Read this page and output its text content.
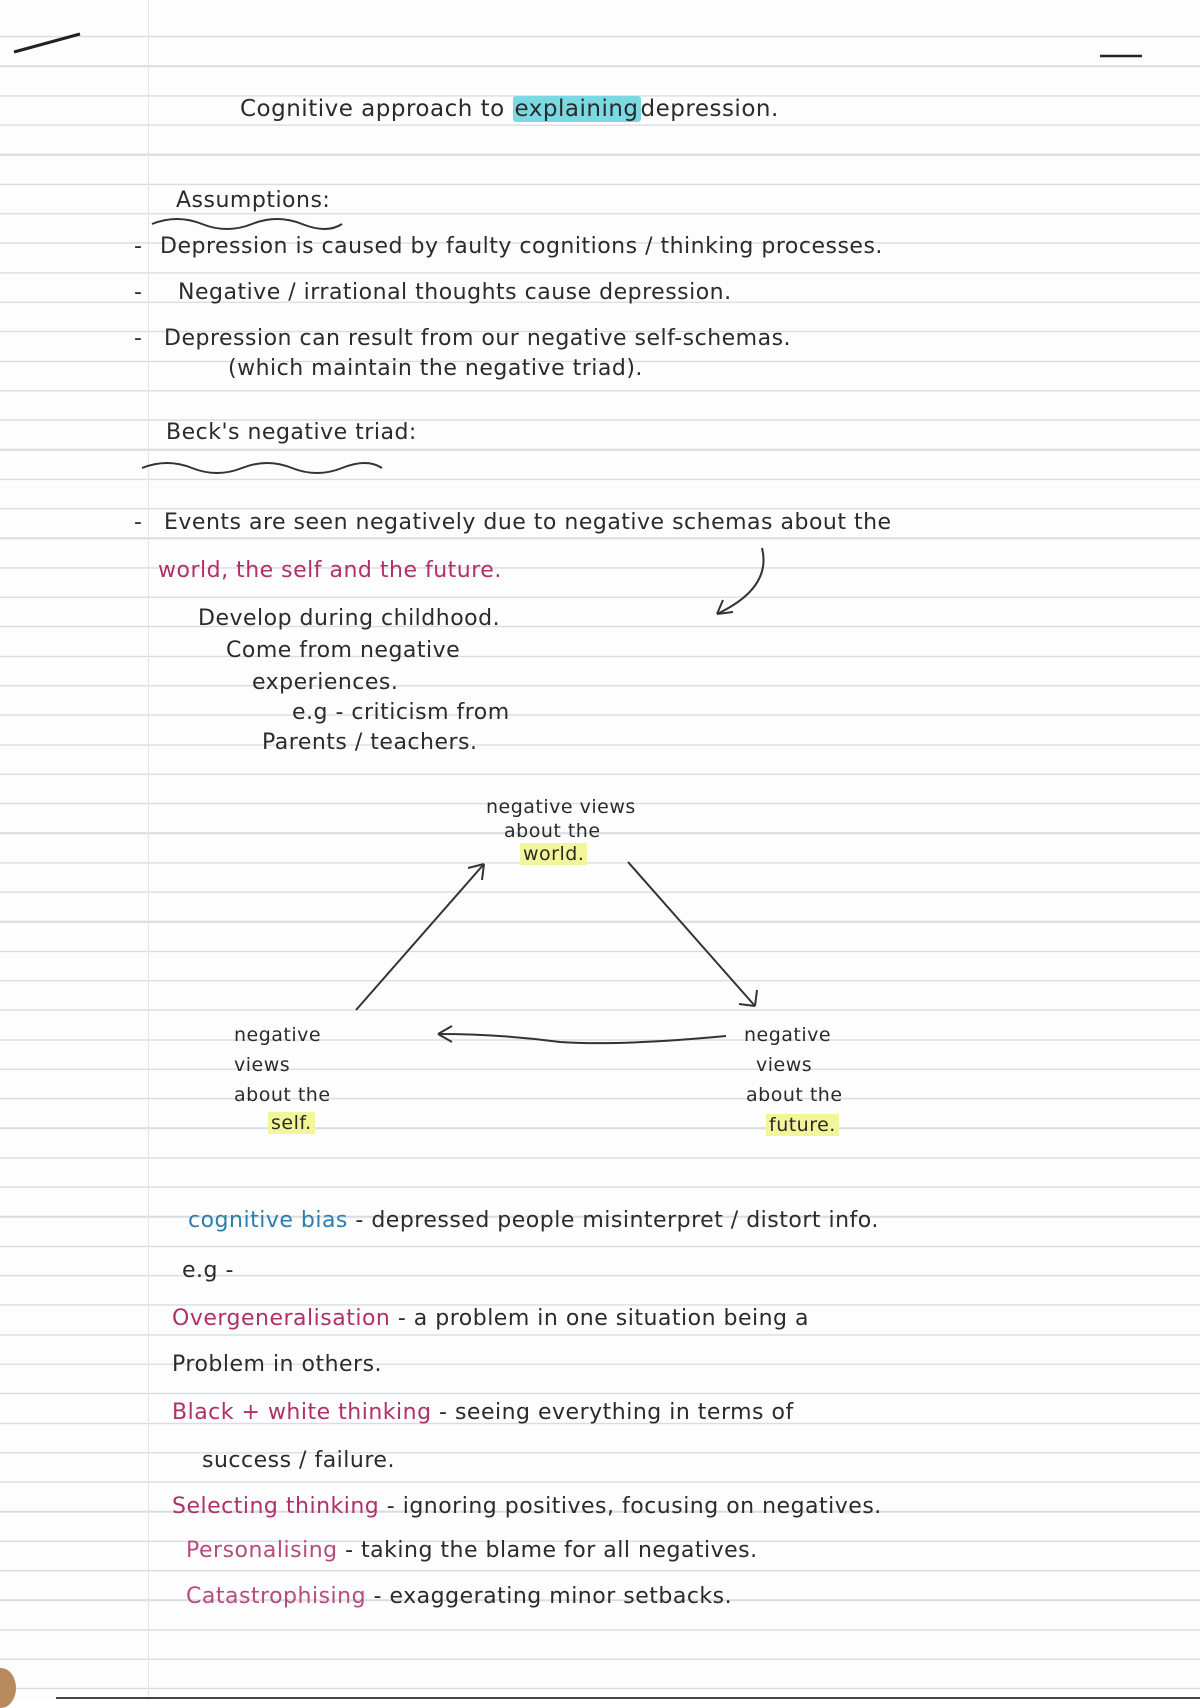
Cognitive approach to explainingdepression.
Assumptions:
- Depression is caused by faulty cognitions / thinking processes.
- Negative / irrational thoughts cause depression.
- Depression can result from our negative self-schemas.
(which maintain the negative triad).
Beck's negative triad:
- Events are seen negatively due to negative schemas about the
world, the self and the future.
Develop during childhood.
Come from negative
experiences.
e.g - criticism from
Parents / teachers.
negative views
about the
world.
negative
views
about the
self.
negative
views
about the
future.
cognitive bias - depressed people misinterpret / distort info.
e.g -
Overgeneralisation - a problem in one situation being a
Problem in others.
Black + white thinking - seeing everything in terms of
success / failure.
Selecting thinking - ignoring positives, focusing on negatives.
Personalising - taking the blame for all negatives.
Catastrophising - exaggerating minor setbacks.
